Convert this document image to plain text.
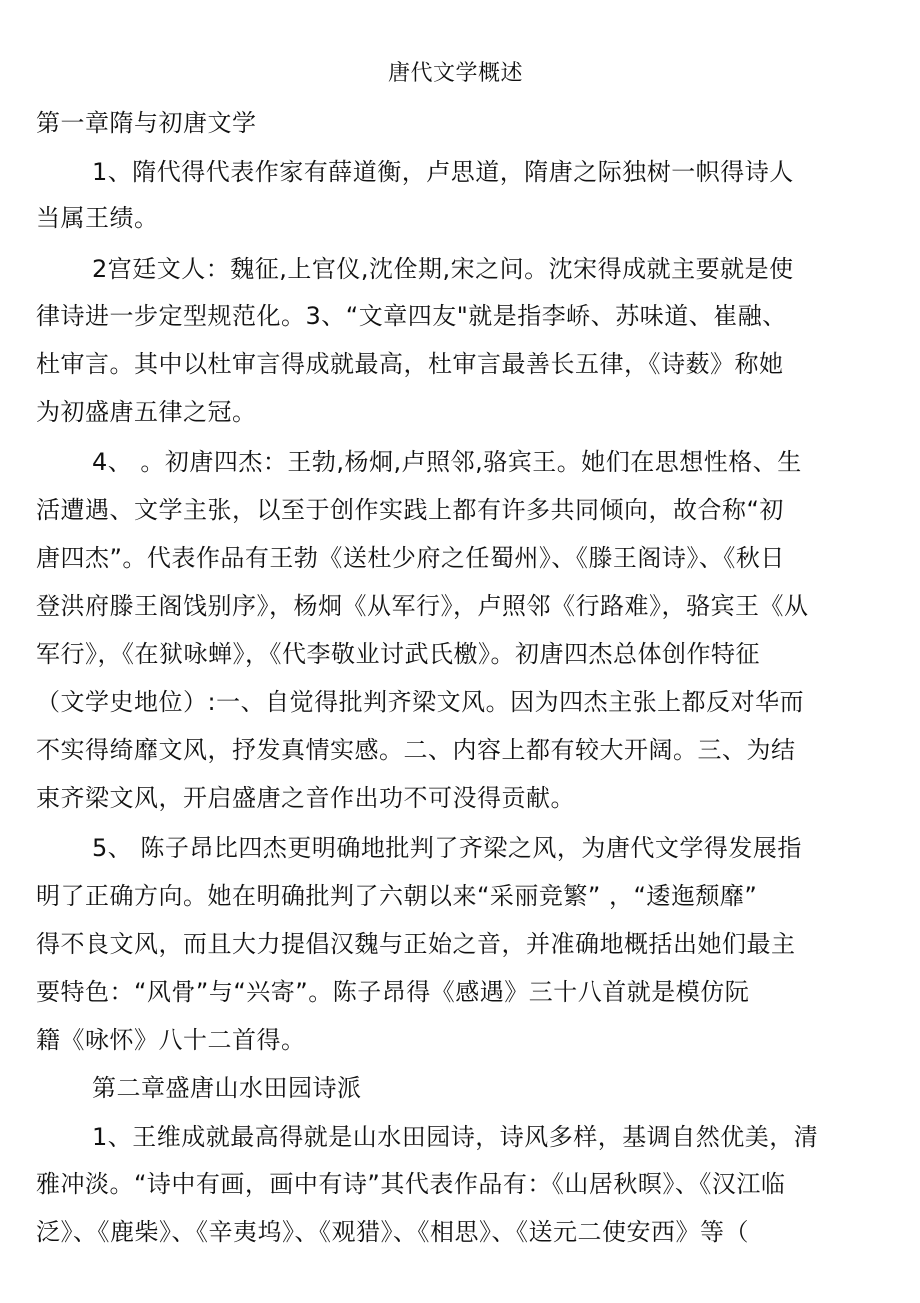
唐代文学概述
第一章隋与初唐文学
1、隋代得代表作家有薛道衡，卢思道，隋唐之际独树一帜得诗人
当属王绩。
2宫廷文人：魏征,上官仪,沈佺期,宋之问。沈宋得成就主要就是使
律诗进一步定型规范化。3、“文章四友"就是指李峤、苏味道、崔融、
杜审言。其中以杜审言得成就最高，杜审言最善长五律，《诗薮》称她
为初盛唐五律之冠。
4、 。初唐四杰：王勃,杨炯,卢照邻,骆宾王。她们在思想性格、生
活遭遇、文学主张，以至于创作实践上都有许多共同倾向，故合称“初
唐四杰”。代表作品有王勃《送杜少府之任蜀州》、《滕王阁诗》、《秋日
登洪府滕王阁饯别序》，杨炯《从军行》，卢照邻《行路难》，骆宾王《从
军行》，《在狱咏蝉》，《代李敬业讨武氏檄》。初唐四杰总体创作特征
（文学史地位）:一、自觉得批判齐梁文风。因为四杰主张上都反对华而
不实得绮靡文风，抒发真情实感。二、内容上都有较大开阔。三、为结
束齐梁文风，开启盛唐之音作出功不可没得贡献。
5、 陈子昂比四杰更明确地批判了齐梁之风，为唐代文学得发展指
明了正确方向。她在明确批判了六朝以来“采丽竞繁” ，“逶迤颓靡”
得不良文风，而且大力提倡汉魏与正始之音，并准确地概括出她们最主
要特色：“风骨”与“兴寄”。陈子昂得《感遇》三十八首就是模仿阮
籍《咏怀》八十二首得。
第二章盛唐山水田园诗派
1、王维成就最高得就是山水田园诗，诗风多样，基调自然优美，清
雅冲淡。“诗中有画，画中有诗”其代表作品有：《山居秋暝》、《汉江临
泛》、《鹿柴》、《辛夷坞》、《观猎》、《相思》、《送元二使安西》等（
